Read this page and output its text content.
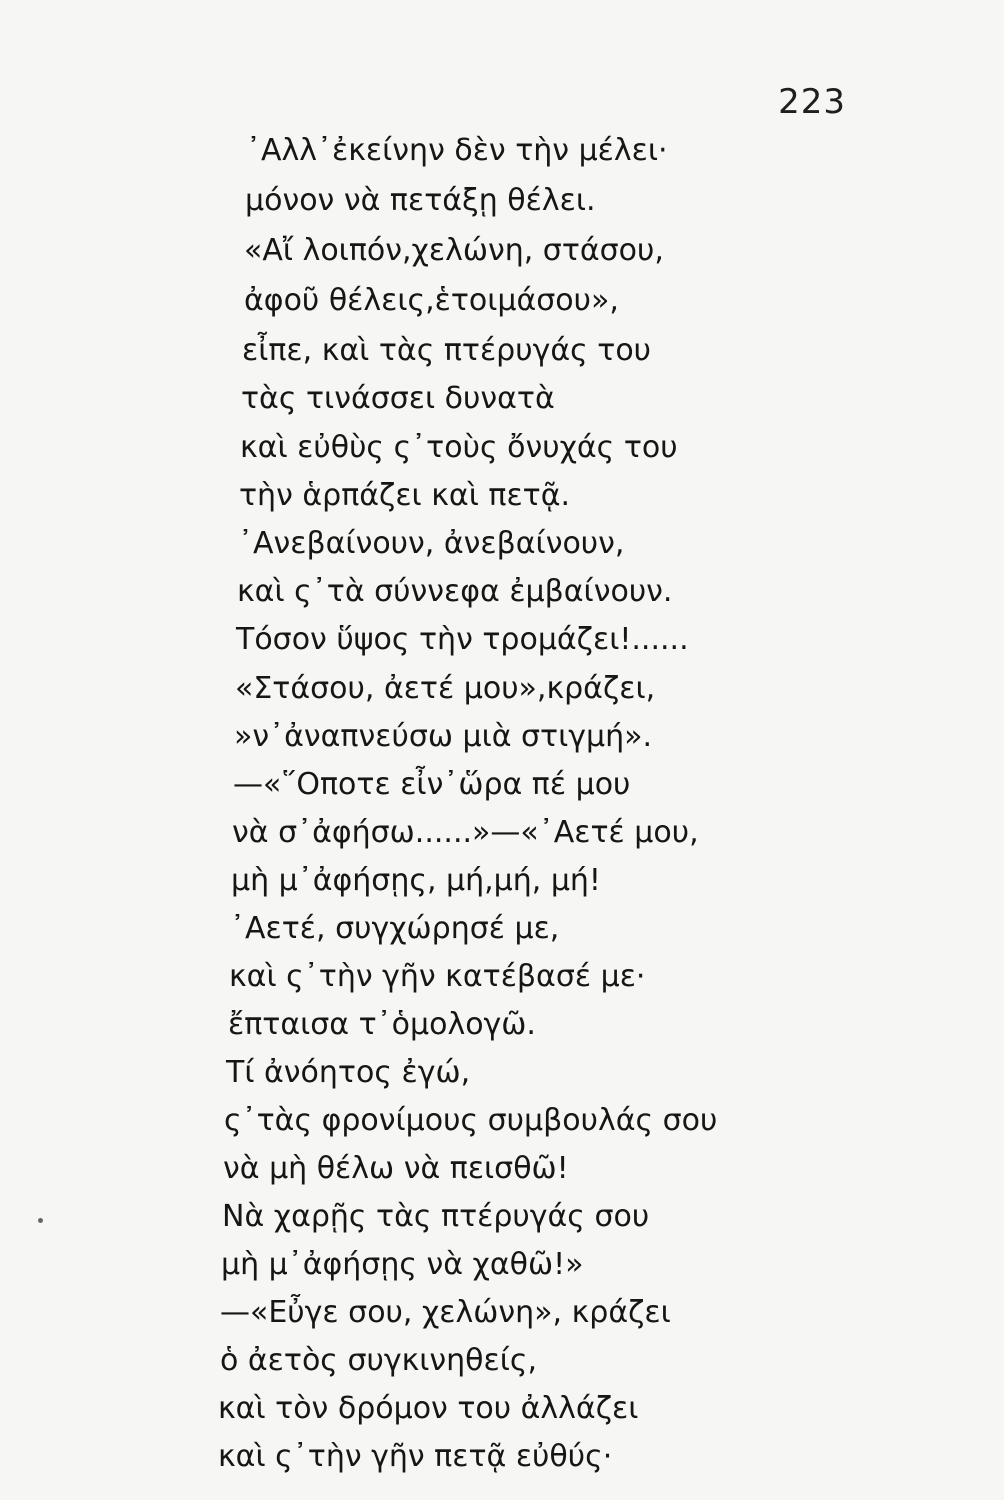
223
᾿Αλλ᾿ἐκείνην δὲν τὴν μέλει·
μόνον νὰ πετάξῃ θέλει.
«Αἴ λοιπόν,χελώνη, στάσου,
ἀφοῦ θέλεις,ἑτοιμάσου»,
εἶπε, καὶ τὰς πτέρυγάς του
τὰς τινάσσει δυνατὰ
καὶ εὐθὺς ς᾿τοὺς ὄνυχάς του
τὴν ἁρπάζει καὶ πετᾷ.
᾿Ανεβαίνουν, ἀνεβαίνουν,
καὶ ς᾿τὰ σύννεφα ἐμβαίνουν.
Τόσον ὕψος τὴν τρομάζει!......
«Στάσου, ἀετέ μου»,κράζει,
»ν᾿ἀναπνεύσω μιὰ στιγμή».
—«῞Οποτε εἶν᾿ὥρα πέ μου
νὰ σ᾿ἀφήσω......»—«᾿Αετέ μου,
μὴ μ᾿ἀφήσῃς, μή,μή, μή!
᾿Αετέ, συγχώρησέ με,
καὶ ς᾿τὴν γῆν κατέβασέ με·
ἔπταισα τ᾿ὁμολογῶ.
Τί ἀνόητος ἐγώ,
ς᾿τὰς φρονίμους συμβουλάς σου
νὰ μὴ θέλω νὰ πεισθῶ!
Νὰ χαρῇς τὰς πτέρυγάς σου
μὴ μ᾿ἀφήσῃς νὰ χαθῶ!»
—«Εὖγε σου, χελώνη», κράζει
ὁ ἀετὸς συγκινηθείς,
καὶ τὸν δρόμον του ἀλλάζει
καὶ ς᾿τὴν γῆν πετᾷ εὐθύς·
